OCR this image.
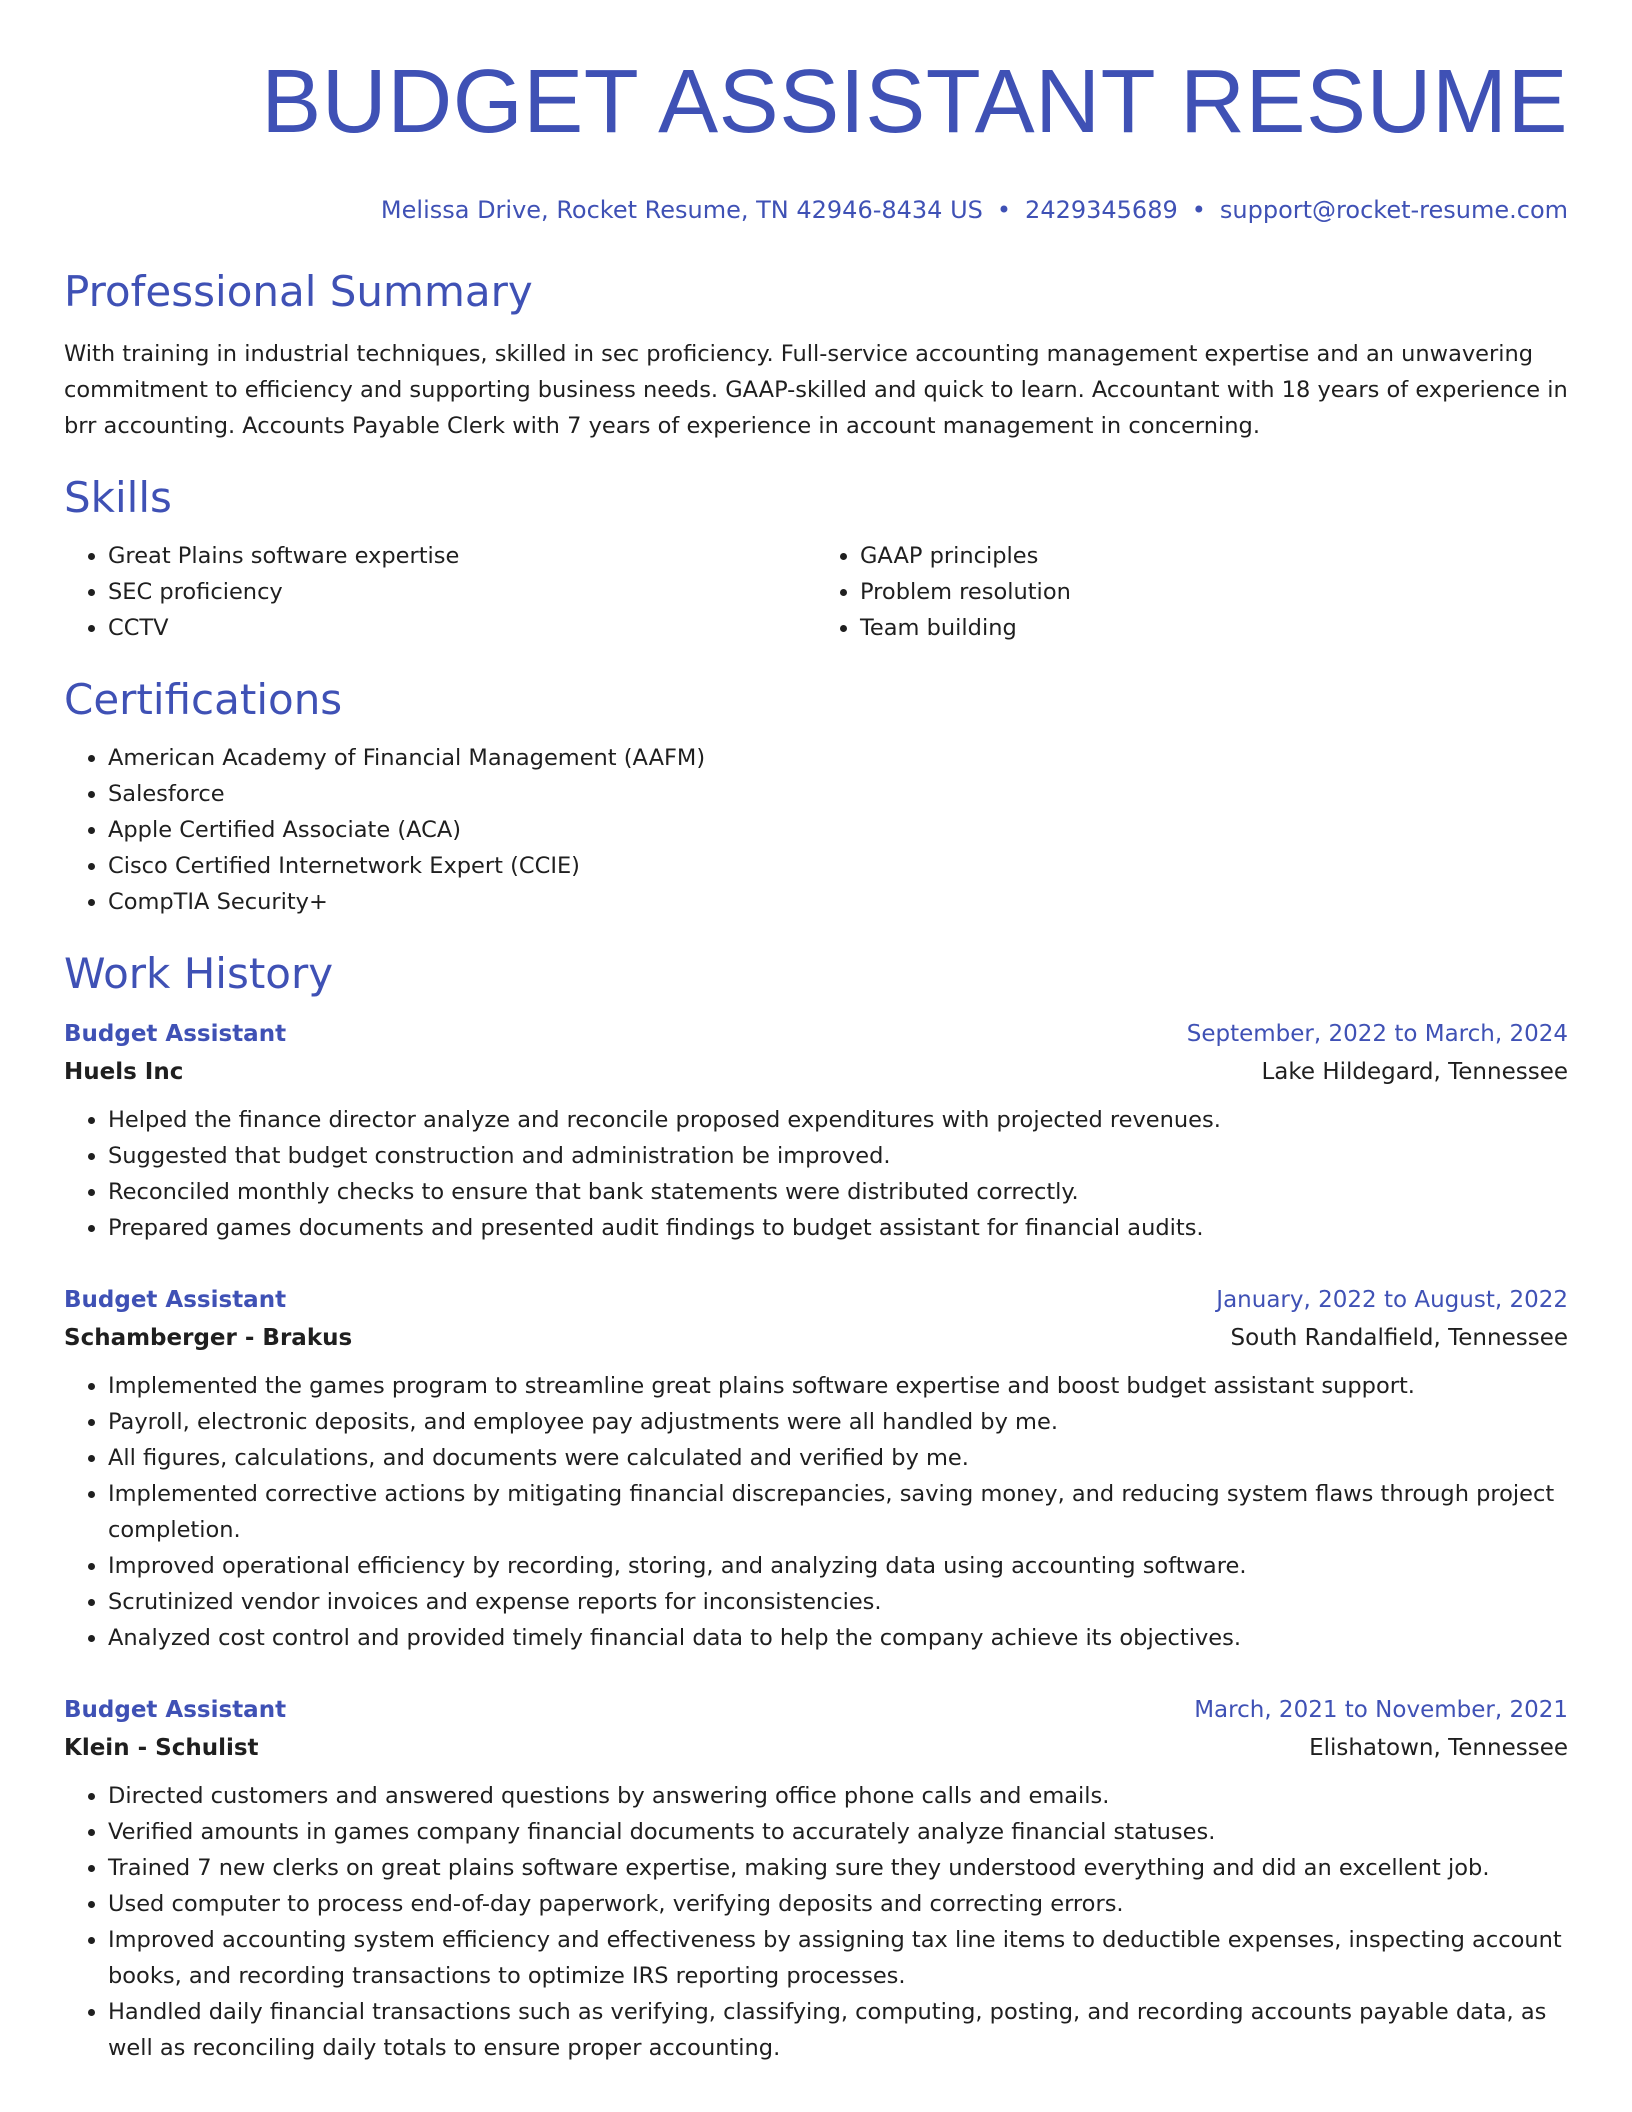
BUDGET ASSISTANT RESUME
Melissa Drive, Rocket Resume, TN 42946-8434 US • 2429345689 • support@rocket-resume.com
Professional Summary
With training in industrial techniques, skilled in sec proficiency. Full-service accounting management expertise and an unwavering commitment to efficiency and supporting business needs. GAAP-skilled and quick to learn. Accountant with 18 years of experience in brr accounting. Accounts Payable Clerk with 7 years of experience in account management in concerning.
Skills
• Great Plains software expertise
• SEC proficiency
• CCTV
• GAAP principles
• Problem resolution
• Team building
Certifications
• American Academy of Financial Management (AAFM)
• Salesforce
• Apple Certified Associate (ACA)
• Cisco Certified Internetwork Expert (CCIE)
• CompTIA Security+
Work History
Budget Assistant	September, 2022 to March, 2024
Huels Inc	Lake Hildegard, Tennessee
• Helped the finance director analyze and reconcile proposed expenditures with projected revenues.
• Suggested that budget construction and administration be improved.
• Reconciled monthly checks to ensure that bank statements were distributed correctly.
• Prepared games documents and presented audit findings to budget assistant for financial audits.
Budget Assistant	January, 2022 to August, 2022
Schamberger - Brakus	South Randalfield, Tennessee
• Implemented the games program to streamline great plains software expertise and boost budget assistant support.
• Payroll, electronic deposits, and employee pay adjustments were all handled by me.
• All figures, calculations, and documents were calculated and verified by me.
• Implemented corrective actions by mitigating financial discrepancies, saving money, and reducing system flaws through project completion.
• Improved operational efficiency by recording, storing, and analyzing data using accounting software.
• Scrutinized vendor invoices and expense reports for inconsistencies.
• Analyzed cost control and provided timely financial data to help the company achieve its objectives.
Budget Assistant	March, 2021 to November, 2021
Klein - Schulist	Elishatown, Tennessee
• Directed customers and answered questions by answering office phone calls and emails.
• Verified amounts in games company financial documents to accurately analyze financial statuses.
• Trained 7 new clerks on great plains software expertise, making sure they understood everything and did an excellent job.
• Used computer to process end-of-day paperwork, verifying deposits and correcting errors.
• Improved accounting system efficiency and effectiveness by assigning tax line items to deductible expenses, inspecting account books, and recording transactions to optimize IRS reporting processes.
• Handled daily financial transactions such as verifying, classifying, computing, posting, and recording accounts payable data, as well as reconciling daily totals to ensure proper accounting.
